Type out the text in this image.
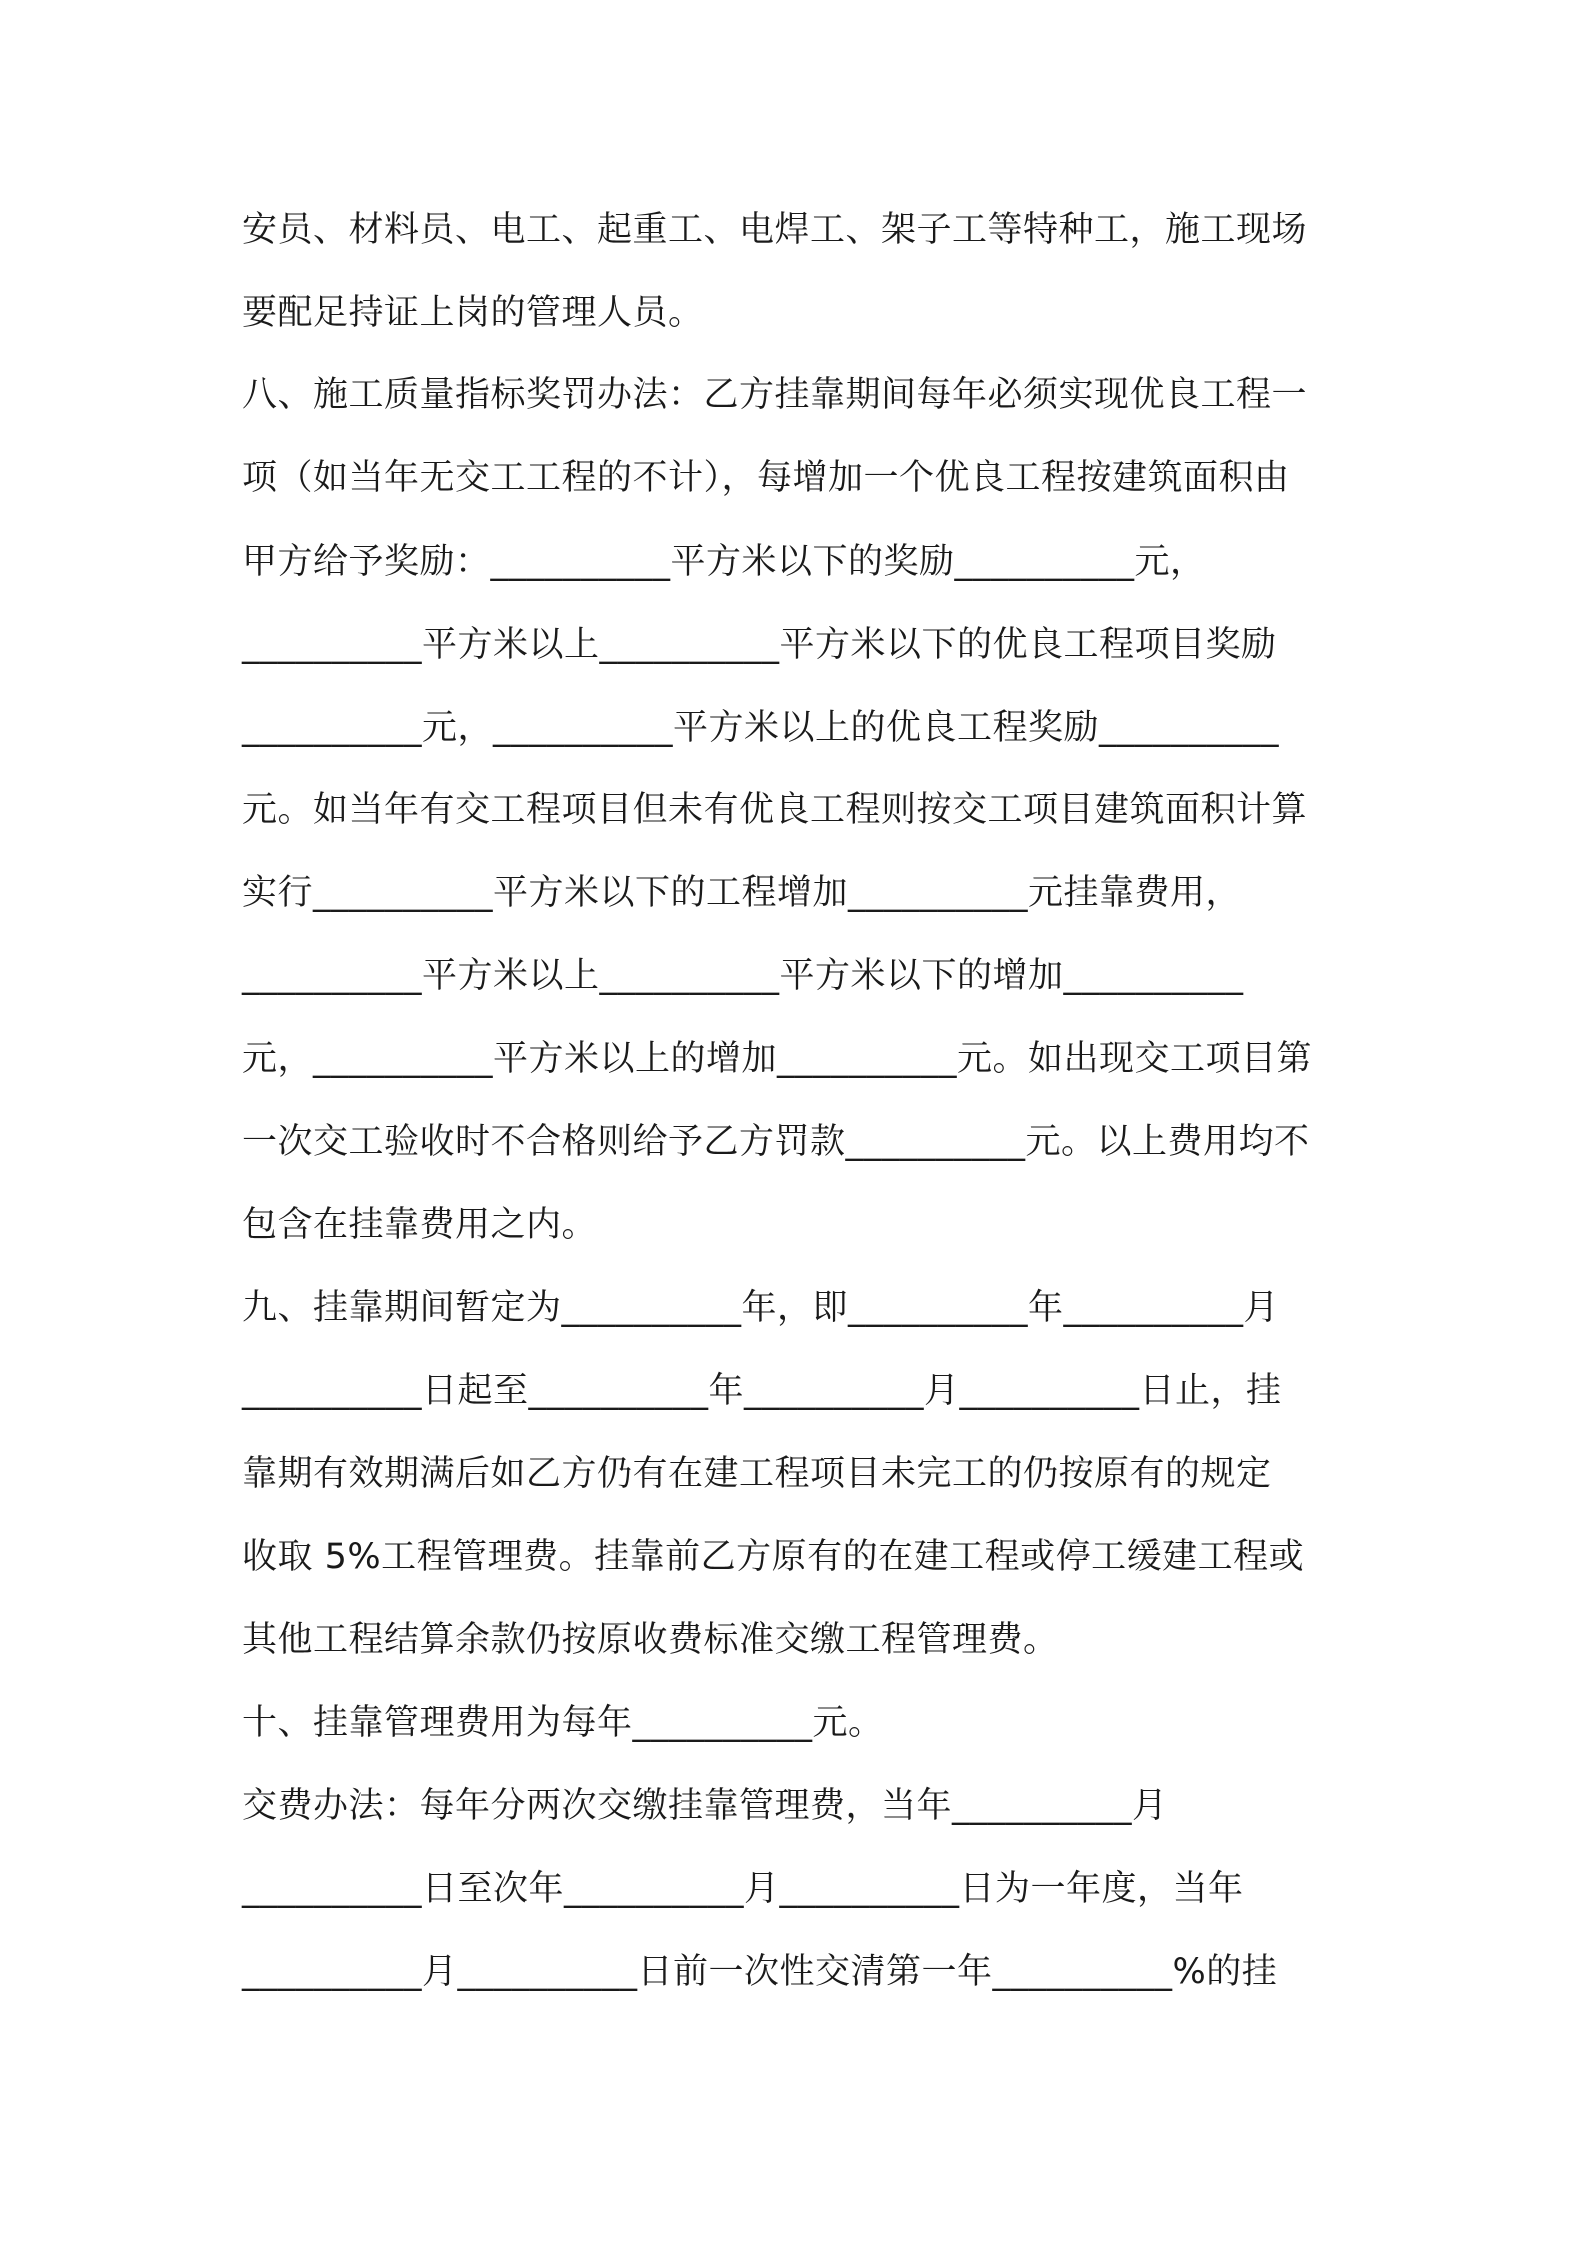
安员、材料员、电工、起重工、电焊工、架子工等特种工，施工现场
要配足持证上岗的管理人员。
八、施工质量指标奖罚办法：乙方挂靠期间每年必须实现优良工程一
项（如当年无交工工程的不计），每增加一个优良工程按建筑面积由
甲方给予奖励：__________平方米以下的奖励__________元，
__________平方米以上__________平方米以下的优良工程项目奖励
__________元，__________平方米以上的优良工程奖励__________
元。如当年有交工程项目但未有优良工程则按交工项目建筑面积计算
实行__________平方米以下的工程增加__________元挂靠费用，
__________平方米以上__________平方米以下的增加__________
元，__________平方米以上的增加__________元。如出现交工项目第
一次交工验收时不合格则给予乙方罚款__________元。以上费用均不
包含在挂靠费用之内。
九、挂靠期间暂定为__________年，即__________年__________月
__________日起至__________年__________月__________日止，挂
靠期有效期满后如乙方仍有在建工程项目未完工的仍按原有的规定
收取 5%工程管理费。挂靠前乙方原有的在建工程或停工缓建工程或
其他工程结算余款仍按原收费标准交缴工程管理费。
十、挂靠管理费用为每年__________元。
交费办法：每年分两次交缴挂靠管理费，当年__________月
__________日至次年__________月__________日为一年度，当年
__________月__________日前一次性交清第一年__________%的挂
